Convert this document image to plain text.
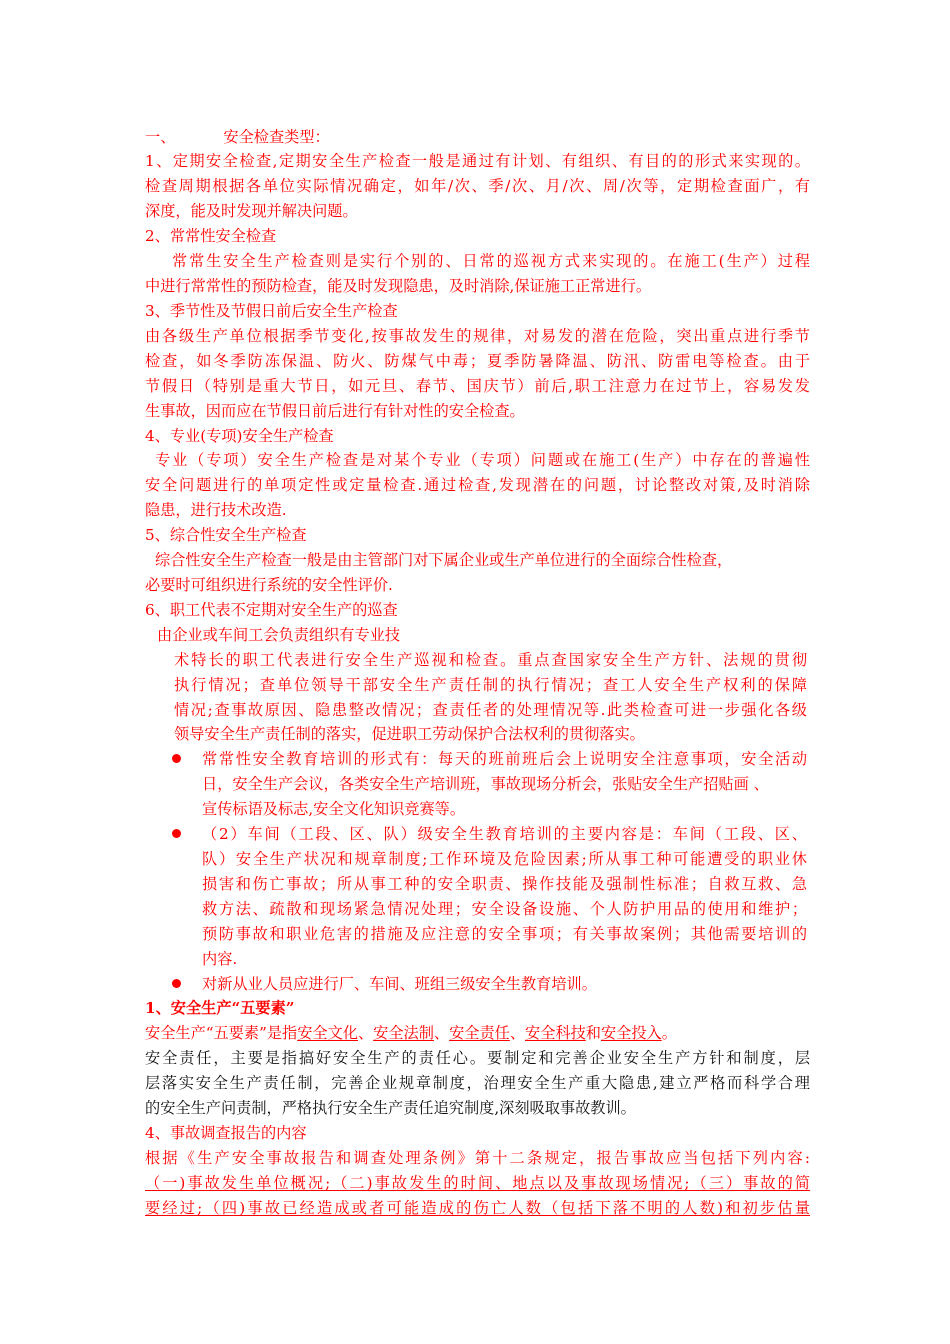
一、	安全检查类型：
1、定期安全检查,定期安全生产检查一般是通过有计划、有组织、有目的的形式来实现的。
检查周期根据各单位实际情况确定，如年/次、季/次、月/次、周/次等，定期检查面广，有
深度，能及时发现并解决问题。
2、常常性安全检查
常常生安全生产检查则是实行个别的、日常的巡视方式来实现的。在施工(生产）过程
中进行常常性的预防检查，能及时发现隐患，及时消除,保证施工正常进行。
3、季节性及节假日前后安全生产检查
由各级生产单位根据季节变化,按事故发生的规律，对易发的潜在危险，突出重点进行季节
检查，如冬季防冻保温、防火、防煤气中毒；夏季防暑降温、防汛、防雷电等检查。由于
节假日（特别是重大节日，如元旦、春节、国庆节）前后,职工注意力在过节上，容易发发
生事故，因而应在节假日前后进行有针对性的安全检查。
4、专业(专项)安全生产检查
专业（专项）安全生产检查是对某个专业（专项）问题或在施工(生产）中存在的普遍性
安全问题进行的单项定性或定量检查.通过检查,发现潜在的问题，讨论整改对策,及时消除
隐患，进行技术改造.
5、综合性安全生产检查
综合性安全生产检查一般是由主管部门对下属企业或生产单位进行的全面综合性检查，
必要时可组织进行系统的安全性评价.
6、职工代表不定期对安全生产的巡查
由企业或车间工会负责组织有专业技
术特长的职工代表进行安全生产巡视和检查。重点查国家安全生产方针、法规的贯彻
执行情况；查单位领导干部安全生产责任制的执行情况；查工人安全生产权利的保障
情况;查事故原因、隐患整改情况；查责任者的处理情况等.此类检查可进一步强化各级
领导安全生产责任制的落实，促进职工劳动保护合法权利的贯彻落实。
常常性安全教育培训的形式有：每天的班前班后会上说明安全注意事项，安全活动
日，安全生产会议，各类安全生产培训班，事故现场分析会，张贴安全生产招贴画 、
宣传标语及标志,安全文化知识竞赛等。
（2）车间（工段、区、队）级安全生教育培训的主要内容是：车间（工段、区、
队）安全生产状况和规章制度;工作环境及危险因素;所从事工种可能遭受的职业休
损害和伤亡事故；所从事工种的安全职责、操作技能及强制性标准；自救互救、急
救方法、疏散和现场紧急情况处理；安全设备设施、个人防护用品的使用和维护；
预防事故和职业危害的措施及应注意的安全事项；有关事故案例；其他需要培训的
内容.
对新从业人员应进行厂、车间、班组三级安全生教育培训。
1、安全生产“五要素”
安全生产“五要素”是指安全文化、安全法制、安全责任、安全科技和安全投入。
安全责任，主要是指搞好安全生产的责任心。要制定和完善企业安全生产方针和制度，层
层落实安全生产责任制，完善企业规章制度，治理安全生产重大隐患,建立严格而科学合理
的安全生产问责制，严格执行安全生产责任追究制度,深刻吸取事故教训。
4、事故调查报告的内容
根据《生产安全事故报告和调查处理条例》第十二条规定，报告事故应当包括下列内容:
（一)事故发生单位概况;（二)事故发生的时间、地点以及事故现场情况;（三）事故的简
要经过;（四)事故已经造成或者可能造成的伤亡人数（包括下落不明的人数)和初步估量
